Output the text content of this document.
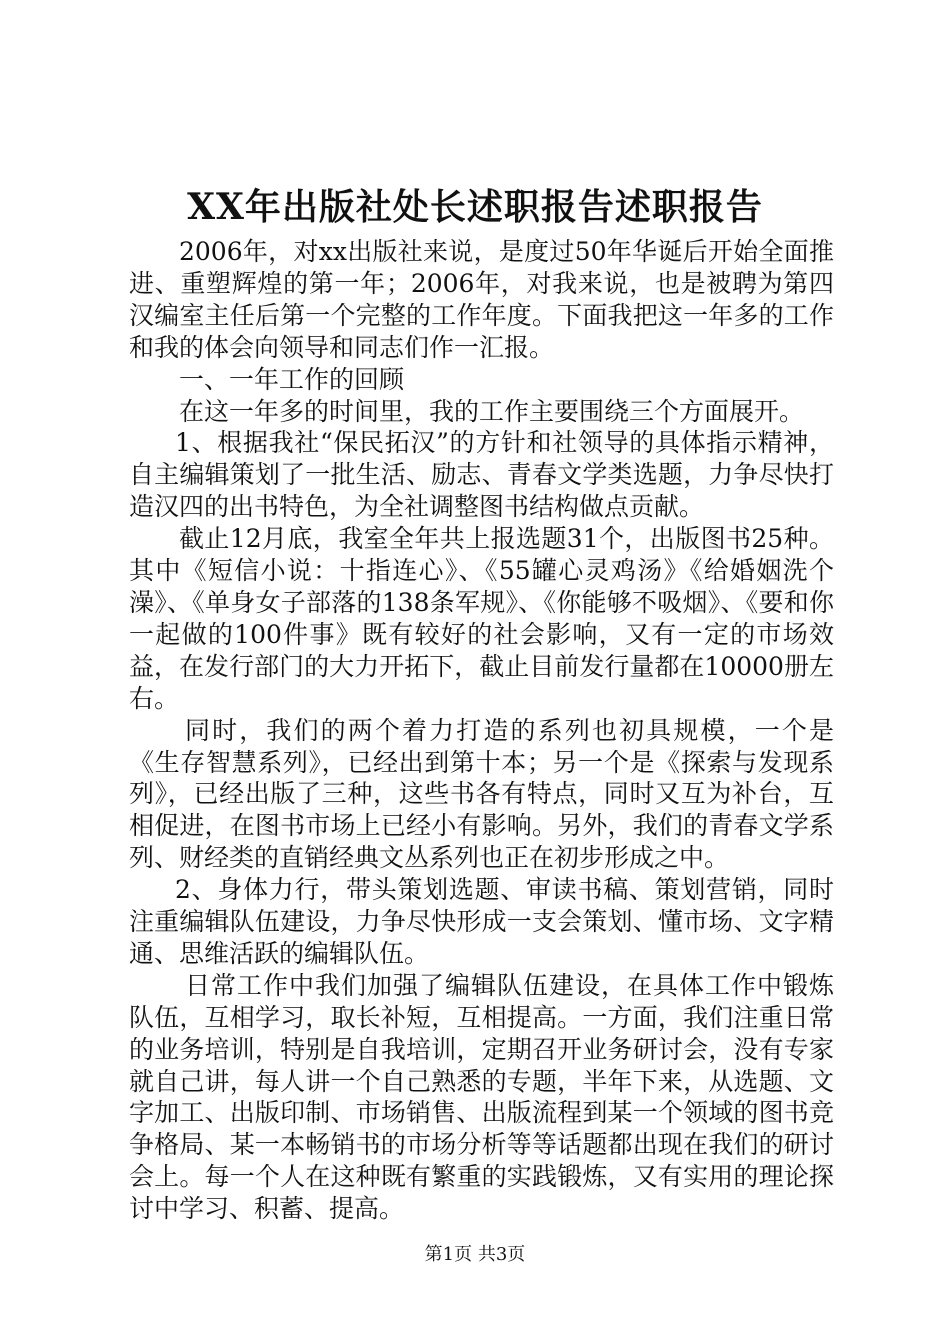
XX年出版社处长述职报告述职报告

2006年，对xx出版社来说，是度过50年华诞后开始全面推进、重塑辉煌的第一年；2006年，对我来说，也是被聘为第四汉编室主任后第一个完整的工作年度。下面我把这一年多的工作和我的体会向领导和同志们作一汇报。

一、一年工作的回顾

在这一年多的时间里，我的工作主要围绕三个方面展开。

1、根据我社“保民拓汉”的方针和社领导的具体指示精神，自主编辑策划了一批生活、励志、青春文学类选题，力争尽快打造汉四的出书特色，为全社调整图书结构做点贡献。

截止12月底，我室全年共上报选题31个，出版图书25种。其中《短信小说：十指连心》、《55罐心灵鸡汤》《给婚姻洗个澡》、《单身女子部落的138条军规》、《你能够不吸烟》、《要和你一起做的100件事》既有较好的社会影响，又有一定的市场效益，在发行部门的大力开拓下，截止目前发行量都在10000册左右。

同时，我们的两个着力打造的系列也初具规模，一个是《生存智慧系列》，已经出到第十本；另一个是《探索与发现系列》，已经出版了三种，这些书各有特点，同时又互为补台，互相促进，在图书市场上已经小有影响。另外，我们的青春文学系列、财经类的直销经典文丛系列也正在初步形成之中。

2、身体力行，带头策划选题、审读书稿、策划营销，同时注重编辑队伍建设，力争尽快形成一支会策划、懂市场、文字精通、思维活跃的编辑队伍。

日常工作中我们加强了编辑队伍建设，在具体工作中锻炼队伍，互相学习，取长补短，互相提高。一方面，我们注重日常的业务培训，特别是自我培训，定期召开业务研讨会，没有专家就自己讲，每人讲一个自己熟悉的专题，半年下来，从选题、文字加工、出版印制、市场销售、出版流程到某一个领域的图书竞争格局、某一本畅销书的市场分析等等话题都出现在我们的研讨会上。每一个人在这种既有繁重的实践锻炼，又有实用的理论探讨中学习、积蓄、提高。

第1页 共3页
